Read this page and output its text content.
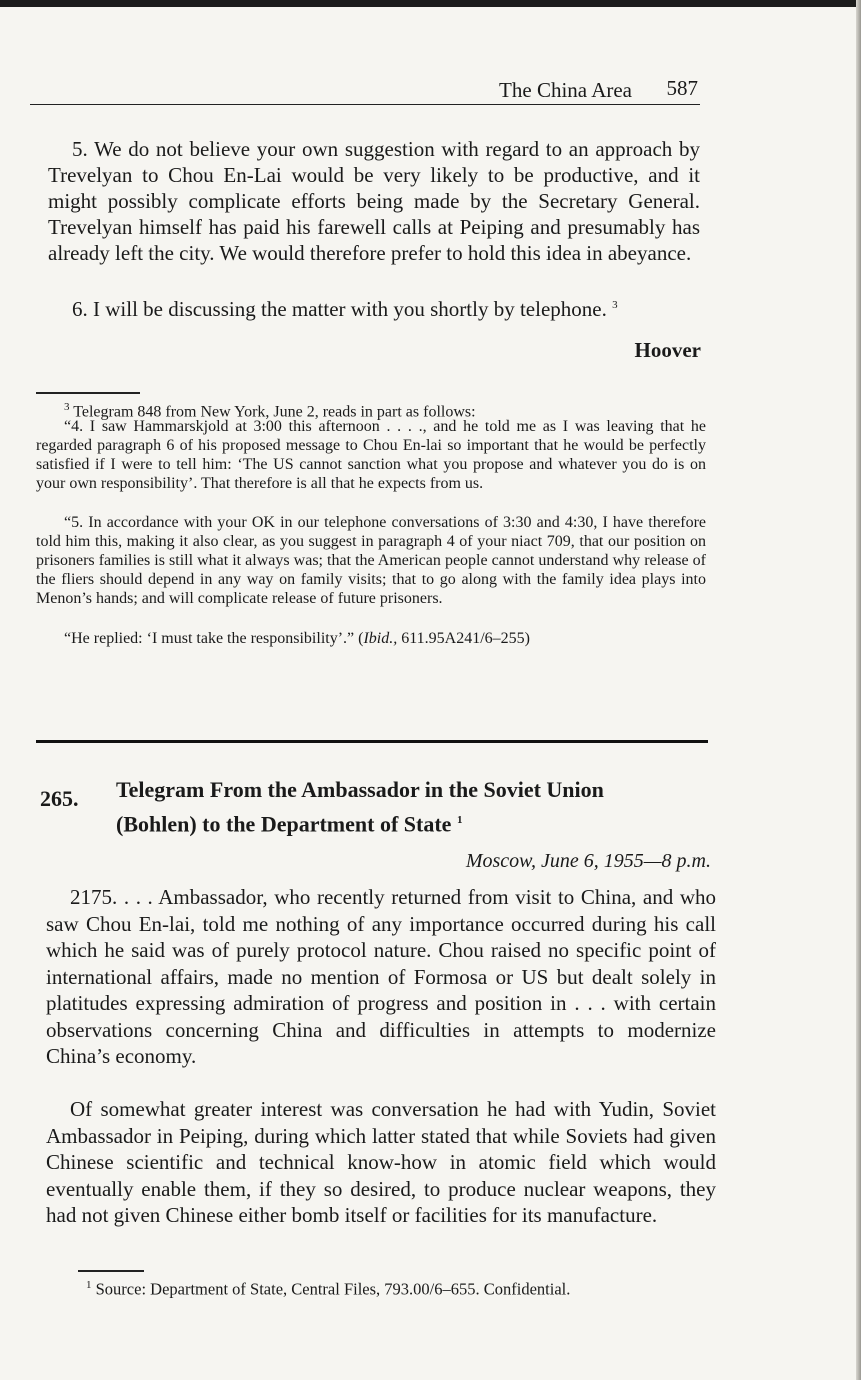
The China Area 587

5. We do not believe your own suggestion with regard to an approach by Trevelyan to Chou En-Lai would be very likely to be productive, and it might possibly complicate efforts being made by the Secretary General. Trevelyan himself has paid his farewell calls at Peiping and presumably has already left the city. We would therefore prefer to hold this idea in abeyance.

6. I will be discussing the matter with you shortly by telephone. $^3$

Hoover

$^3$ Telegram 848 from New York, June 2, reads in part as follows:

“4. I saw Hammarskjold at 3:00 this afternoon . . . ., and he told me as I was leaving that he regarded paragraph 6 of his proposed message to Chou En-lai so important that he would be perfectly satisfied if I were to tell him: ‘The US cannot sanction what you propose and whatever you do is on your own responsibility’. That therefore is all that he expects from us.

“5. In accordance with your OK in our telephone conversations of 3:30 and 4:30, I have therefore told him this, making it also clear, as you suggest in paragraph 4 of your niact 709, that our position on prisoners families is still what it always was; that the American people cannot understand why release of the fliers should depend in any way on family visits; that to go along with the family idea plays into Menon’s hands; and will complicate release of future prisoners.

“He replied: ‘I must take the responsibility’.” (Ibid., 611.95A241/6–255)

265. Telegram From the Ambassador in the Soviet Union (Bohlen) to the Department of State $^1$
Moscow, June 6, 1955—8 p.m.

2175. . . . Ambassador, who recently returned from visit to China, and who saw Chou En-lai, told me nothing of any importance occurred during his call which he said was of purely protocol nature. Chou raised no specific point of international affairs, made no mention of Formosa or US but dealt solely in platitudes expressing admiration of progress and position in . . . with certain observations concerning China and difficulties in attempts to modernize China’s economy.

Of somewhat greater interest was conversation he had with Yudin, Soviet Ambassador in Peiping, during which latter stated that while Soviets had given Chinese scientific and technical know-how in atomic field which would eventually enable them, if they so desired, to produce nuclear weapons, they had not given Chinese either bomb itself or facilities for its manufacture.

$^1$ Source: Department of State, Central Files, 793.00/6–655. Confidential.
